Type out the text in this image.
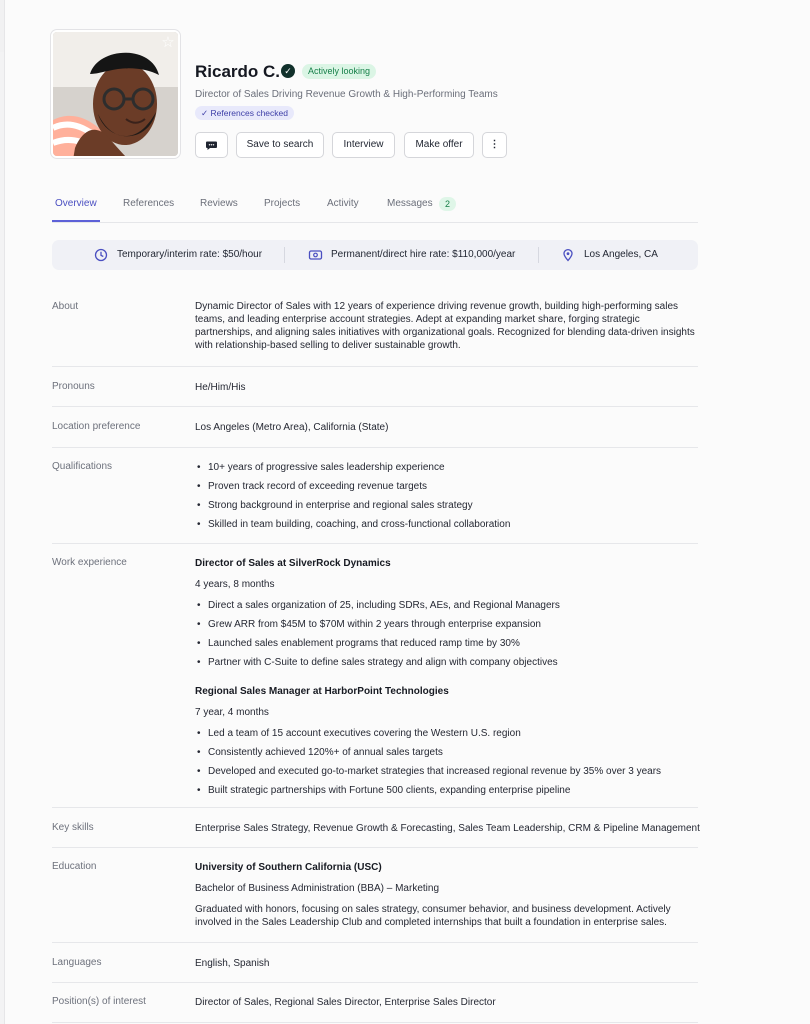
☆
Ricardo C. ✓	Actively looking
Director of Sales Driving Revenue Growth & High-Performing Teams
✓ References checked
Save to search	Interview	Make offer	⋮
Overview	References	Reviews	Projects	Activity	Messages	2
Temporary/interim rate: $50/hour	Permanent/direct hire rate: $110,000/year	Los Angeles, CA
About	Dynamic Director of Sales with 12 years of experience driving revenue growth, building high-performing sales teams, and leading enterprise account strategies. Adept at expanding market share, forging strategic partnerships, and aligning sales initiatives with organizational goals. Recognized for blending data-driven insights with relationship-based selling to deliver sustainable growth.
Pronouns	He/Him/His
Location preference	Los Angeles (Metro Area), California (State)
Qualifications
•	10+ years of progressive sales leadership experience
• Proven track record of exceeding revenue targets
• Strong background in enterprise and regional sales strategy
• Skilled in team building, coaching, and cross-functional collaboration
Work experience	Director of Sales at SilverRock Dynamics
4 years, 8 months
• Direct a sales organization of 25, including SDRs, AEs, and Regional Managers
• Grew ARR from $45M to $70M within 2 years through enterprise expansion
• Launched sales enablement programs that reduced ramp time by 30%
• Partner with C-Suite to define sales strategy and align with company objectives
Regional Sales Manager at HarborPoint Technologies
7 year, 4 months
• Led a team of 15 account executives covering the Western U.S. region
• Consistently achieved 120%+ of annual sales targets
• Developed and executed go-to-market strategies that increased regional revenue by 35% over 3 years
• Built strategic partnerships with Fortune 500 clients, expanding enterprise pipeline
Key skills	Enterprise Sales Strategy, Revenue Growth & Forecasting, Sales Team Leadership, CRM & Pipeline Management
Education	University of Southern California (USC)
Bachelor of Business Administration (BBA) – Marketing
Graduated with honors, focusing on sales strategy, consumer behavior, and business development. Actively involved in the Sales Leadership Club and completed internships that built a foundation in enterprise sales.
Languages	English, Spanish
Position(s) of interest	Director of Sales, Regional Sales Director, Enterprise Sales Director
